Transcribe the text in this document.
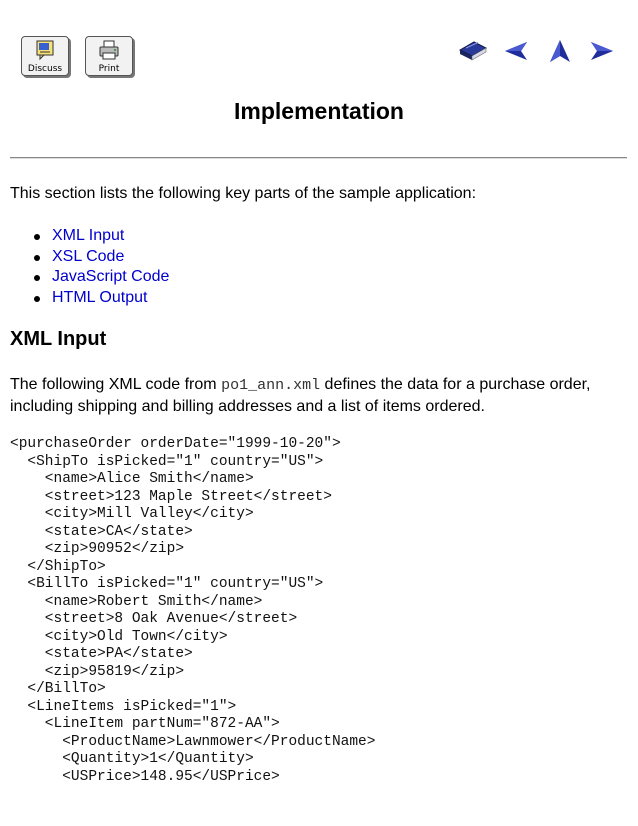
Discuss	Print
Implementation

This section lists the following key parts of the sample application:

XML Input
XSL Code
JavaScript Code
HTML Output
XML Input

The following XML code from po1_ann.xml defines the data for a purchase order, including shipping and billing addresses and a list of items ordered.

<purchaseOrder orderDate="1999-10-20">
<ShipTo isPicked="1" country="US">
<name>Alice Smith</name>
<street>123 Maple Street</street>
<city>Mill Valley</city>
<state>CA</state>
<zip>90952</zip>
</ShipTo>
<BillTo isPicked="1" country="US">
<name>Robert Smith</name>
<street>8 Oak Avenue</street>
<city>Old Town</city>
<state>PA</state>
<zip>95819</zip>
</BillTo>
<LineItems isPicked="1">
<LineItem partNum="872-AA">
<ProductName>Lawnmower</ProductName>
<Quantity>1</Quantity>
<USPrice>148.95</USPrice>
